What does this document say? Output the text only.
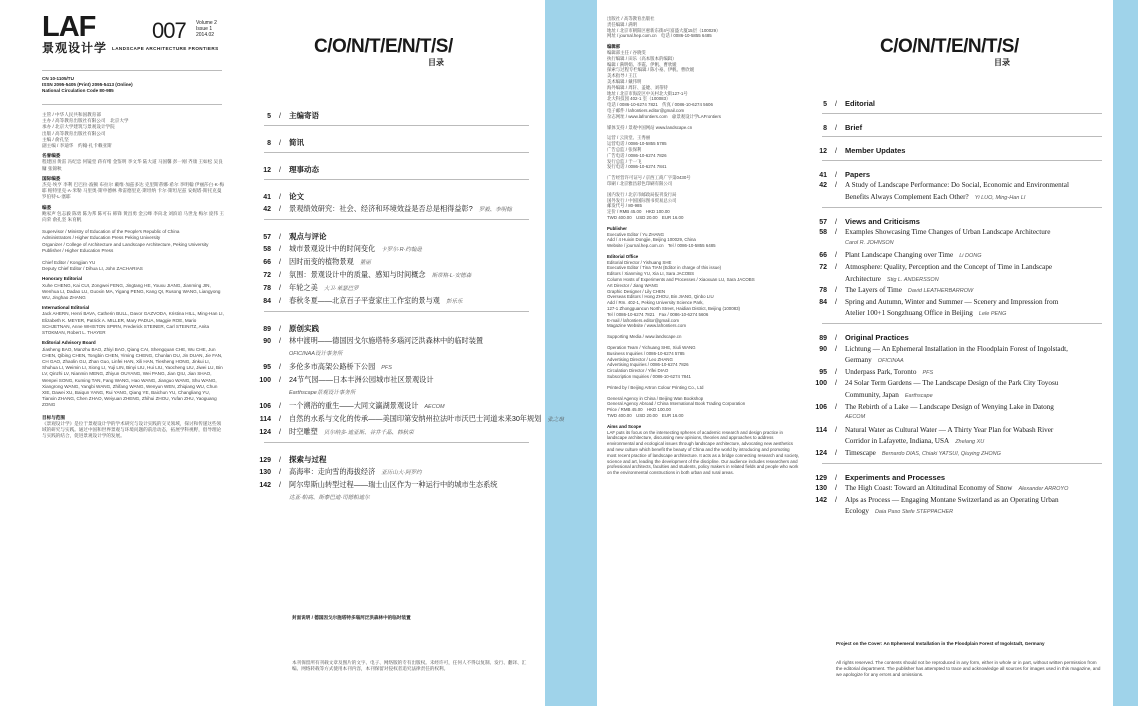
LAF
景观设计学
007 Volume 2
Issue 1
2014.02
LANDSCAPE ARCHITECTURE FRONTIERS
CN 10-1105/TU
ISSN 2095-5405 (Print) 2095-5413 (Online)
National Circulation Code 80-985
主管 / 中华人民共和国教育部
主办 / 高等教育出版社有限公司　北京大学
承办 / 北京大学建筑与景观设计学院
出版 / 高等教育出版社有限公司
主编 / 俞孔坚
副主编 / 李迪华　约翰·扎卡赖亚斯
名誉编委
程建国 黄雷 冯纪忠 何镜堂 蒋有绪 金鉴明 李文华 陆大道 马国馨 彭一刚 齐康 王如松 吴良镛 张锦秋
国际编委
杰克·埃亨 李利 巴巴拉·波顿 布拉尔 戴维·加兹多达 克里斯蒂娜·希尔 李明翰 伊丽莎白·K·梅耶 帕特里克·A·米勒 马里奥·斯申德林 弗雷德里克·斯坦纳 卡尔·斯坦尼兹 安妮塔·斯托克曼 罗伯特·L·塞耶
编委
鲍家声 包志毅 陈勇 陈为邦 陈可石 韩锋 黄昌勇 金云峰 李向北 刘滨谊 马世龙 梅尔 庞伟 王向荣 俞孔坚 朱育帆
Supervisor / Ministry of Education of the People's Republic of China
Administrators / Higher Education Press Peking University
Organizer / College of Architecture and Landscape Architecture, Peking University
Publisher / Higher Education Press
Chief Editor / Kongjian YU
Deputy Chief Editor / Dihua LI, John ZACHARIAS
Honorary Editorial
Xuhe CHENG, Kai CUI, Zongwei FENG, Jingtang HE, Youxu JIANG, Jianming JIN, Wenhua LI, Dadao LU, Guoxin MA, Yigang PENG, Kang QI, Rusong WANG, Liangyong WU, Jinghao ZHANG
International Editorial
Jack AHERN, Henri BAVA, Catherin BULL, Davor GAZVODA, Kristina HILL, Ming-Han LI, Elizabeth K. MEYER, Patrick A. MILLER, Mary PADUA, Maggie ROE, Mario SCHJETNAN, Anne WHISTON SPIRN, Frederick STEINER, Carl STEINITZ, Anita STOKMAN, Robert L. THAYER
Editorial Advisory Board
Jiasheng BAO, Manzhu BAO, Zhiyi BAO, Qiang CAI, Shengquan CHE, Wu CHE, Jun CHEN, Qibing CHEN, Tongbin CHEN, Yiming CHENG, Chunlan DU, Jin DUAN, Jie FAN, CH GAO, Zhaolin GU, Zhan Guo, Linfei HAN, Xili HAN, Tiesheng HONG, Jinkui LI, Shuhua LI, Weimin LI, Xiong LI, Yuji LIN, Binyi LIU, Hui LIU, Yaocheng LIU, Jiwei LU, Bin LV, Qinzhi LV, Nianmin MENG, Zhiyun OUYANG, Wei PANG, Jian QIU, Jian SHAO, Wenpei SONG, Kuming TAN, Fang WANG, Hao WANG, Jianguo WANG, Shu WANG, Xiangrong WANG, Yangbi WANG, Zhifang WANG, Wenyun WEN, Zhiqiang WU, Chun XIE, Dawei XU, Baiqun YANG, Rui YANG, Qiang YE, Baichun YU, Changliang YU, Tianxin ZHANG, Chen ZHAO, Weiyuan ZHENG, Zhihui ZHOU, Yufan ZHU, Yaoguang ZONG
目标与范围
《景观设计学》是位于景观设计学的学术研究与设计实践的交叉领域，探讨和传递这些领域的研究与实践。通过中国和世界景观与环境问题的前沿动态，拓展学科视野，倡导理论与实践的结合，促进景观设计学的发展。
C/O/N/T/E/N/T/S/
目录
5	/	主编寄语
8	/	简讯
12	/	理事动态
41	/	论文
42	/	景观绩效研究：社会、经济和环境效益是否总是相得益彰? 罗毅、李明翰
57	/	观点与评论
58	/	城市景观设计中的时间变化 卡罗尔·R·约翰逊
66	/	因时而变的植物景观 董丽
72	/	氛围：景观设计中的质量、感知与时间概念 斯蒂格·L·安德森
78	/	年轮之美 大卫·莱瑟巴罗
84	/	春秋冬夏——北京百子平壹家庄工作室的景与观 彭乐乐
89	/	原创实践
90	/	林中渡明——德国因戈尔施塔特多瑙河泛洪森林中的临时装置
OFICINAA设计事务所
95	/	多伦多市高架公路桥下公园 PFS
100	/	24节气园——日本丰洲公园城市社区景观设计
Earthscape景观设计事务所
106	/	一个溯浴的重生——大同文瀛湖景观设计 AECOM
114	/	自然的水系与文化的传承——美国印第安纳州拉法叶市沃巴士河道未来30年规划 张之琅
124	/	时空雕塑 贝尔纳多·迪亚斯、谷井千晶、韩秋荣
129	/	探索与过程
130	/	高海率：走向雪的海拔经济 亚历山大·阿罗约
142	/	阿尔卑斯山转型过程——瑞士山区作为一种运行中的城市生态系统
达亚·帕高、斯泰巴迪·司德帕迪尔
封面说明 / 德国因戈尔施塔特多瑙河泛洪森林中的临时装置
本刊保留所有刊载文章及图片的文字、电子、网络版的专有出版权。未经许可，任何人不得以复制、发行、翻译、汇编、网络转载等方式使用本刊内容，本刊保留对侵权者追究法律责任的权利。
出版社 / 高等教育出版社
责任编辑 / 满明
地址 / 北京市朝阳区惠新东街4号富盛大厦15层（100029）
网址 / journal.hep.com.cn　电话 / 0086-10-5855 6485
编辑部
编辑部主任 / 谷晓雯
执行编辑 / 田乐（高本版本的编辑）
编辑 / 满明娟、李霞、伊帆、曹欣媛
探索与过程专栏编辑 / 陈小豪、伊帆、曹欣媛
美术指导 / 王江
美术编辑 / 戴伟明
海外编辑 / 周轩、盖婕、刘蒂特
地址 / 北京市海淀区中关村北大街127-1号
北大科技园 402-1 室（100083）
电话 / 0086-10-6274 7821　传真 / 0086-10-6274 5606
电子邮件 / lafrontiers.editor@gmail.com
杂志网址 / www.lafrontiers.com　@景观设计学LAFrontiers
媒体支持 / 景观中国网站 www.landscape.cn
运营 / 云顶堂、王秀丽
运营电话 / 0086-10-5855 5785
广告总监 / 张保利
广告电话 / 0086-10-6274 7826
发行总监 / 于一飞
发行电话 / 0086-10-6274 7841
广告经营许可证号 / 京西工商广字第0430号
印刷 / 北京雅昌彩色印刷有限公司
国内发行 / 北京市邮政局报刊发行局
国外发行 / 中国国际图书贸易总公司
邮发代号 / 80-985
定价 / RMB 45.00　HKD 100.00
TWD 400.00　USD 20.00　EUR 16.00
Publisher
Executive Editor / Yu ZHANG
Add / 4 Huixin Dongjie, Beijing 100029, China
Website / journal.hep.com.cn　Tel / 0086-10-5855 6485
Editorial Office
Editorial Director / Yishuang SHE
Executive Editor / Tina TIAN (Editor in charge of this issue)
Editors / Xianming YU, Xia LI, Sara JACOBS
Column Hosts of Experiments and Processes / Xiaoxuan LU, Sara JACOBS
Art Director / Jiang WANG
Graphic Designer / Lily CHEN
Overseas Editors / Hong ZHOU, Bin JIANG, Qinbo LIU
Add / Rm. 402-1, Peking University Science Park,
127-1 Zhongguancun North Street, Haidian District, Beijing (100083)
Tel / 0086-10-6274 7821　Fax / 0086-10-6274 5606
E-mail / lafrontiers.editor@gmail.com
Magazine Website / www.lafrontiers.com
Supporting Media / www.landscape.cn
Operation Team / Yichuang SHE, Xiuli WANG
Business Inquiries / 0086-10-6274 5785
Advertising Director / Leo ZHANG
Advertising Inquiries / 0086-10-6274 7826
Circulation Director / Yifei DIAO
Subscription Inquiries / 0086-10-6274 7841
Printed by / Beijing Artron Colour Printing Co., Ltd
General Agency in China / Beijing Wan Bookshop
General Agency Abroad / China International Book Trading Corporation
Price / RMB 45.00　HKD 100.00
TWD 400.00　USD 20.00　EUR 16.00
Aims and Scope
LAF puts its focus on the intersecting spheres of academic research and design practice in landscape architecture, discussing new opinions, theories and approaches to address environmental and ecological issues through landscape architecture, advocating new aesthetics and new culture which benefit the beauty of China and the world by introducing and promoting most recent practice of landscape architecture. It acts as a bridge connecting research and society, science and art, leading the development of the discipline. Our audience includes researchers and professional architects, faculties and students, policy makers in related fields and people who work on the environmental constructions in both urban and rural areas.
C/O/N/T/E/N/T/S/
目录
5	/	Editorial
8	/	Brief
12	/	Member Updates
41	/	Papers
42	/	A Study of Landscape Performance: Do Social, Economic and Environmental
Benefits Always Complement Each Other? Yi LUO, Ming-Han LI
57	/	Views and Criticisms
58	/	Examples Showcasing Time Changes of Urban Landscape Architecture
Carol R. JOHNSON
66	/	Plant Landscape Changing over Time Li DONG
72	/	Atmosphere: Quality, Perception and the Concept of Time in Landscape
Architecture Stig L. ANDERSSON
78	/	The Layers of Time David LEATHERBARROW
84	/	Spring and Autumn, Winter and Summer — Scenery and Impression from
Atelier 100+1 Songzhuang Office in Beijing Lele PENG
89	/	Original Practices
90	/	Lichtung — An Ephemeral Installation in the Floodplain Forest of Ingolstadt,
Germany OFICINAA
95	/	Underpass Park, Toronto PFS
100	/	24 Solar Term Gardens — The Landscape Design of the Park City Toyosu
Community, Japan Earthscape
106	/	The Rebirth of a Lake — Landscape Design of Wenying Lake in Datong
AECOM
114	/	Natural Water as Cultural Water — A Thirty Year Plan for Wabash River
Corridor in Lafayette, Indiana, USA Zhelang XU
124	/	Timescape Bernardo DIAS, Chiaki YATSUI, Qiuying ZHONG
129	/	Experiments and Processes
130	/	The High Coast: Toward an Altitudinal Economy of Snow Alexander ARROYO
142	/	Alps as Process — Engaging Montane Switzerland as an Operating Urban
Ecology Daia Paso Stefe STEPPACHER
Project on the Cover: An Ephemeral Installation in the Floodplain Forest of Ingolstadt, Germany
All rights reserved. The contents should not be reproduced in any form, either in whole or in part, without written permission from the editorial department. The publisher has attempted to trace and acknowledge all sources for images used in this magazine, and we apologize for any errors and omissions.
